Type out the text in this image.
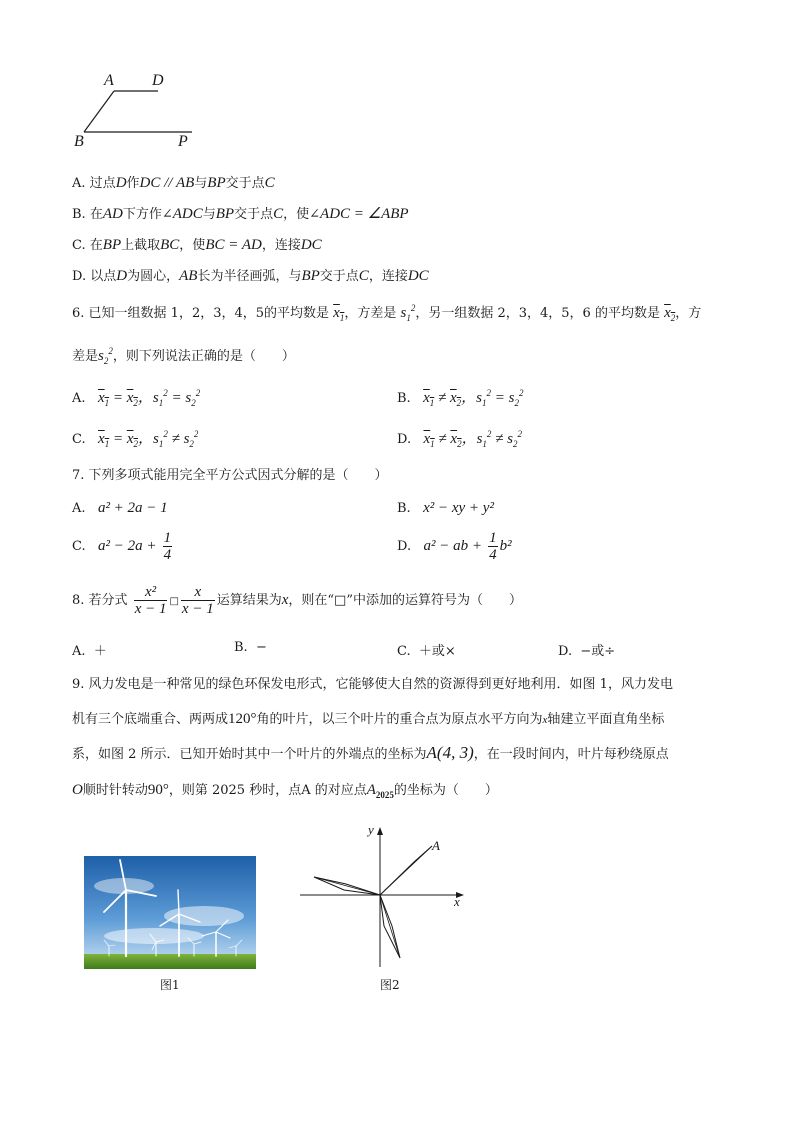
A D
B	P
A. 过点D作DC // AB与BP交于点C
B. 在AD下方作∠ADC与BP交于点C，使∠ADC = ∠ABP
C. 在BP上截取BC，使BC = AD，连接DC
D. 以点D为圆心，AB长为半径画弧，与BP交于点C，连接DC
6. 已知一组数据 1，2，3，4，5的平均数是 $x_1$，方差是 $s_1^2$，另一组数据 2，3，4，5，6 的平均数是 $x_2$，方
差是$s_2^2$，则下列说法正确的是（　　）
A. $x_1 = x_2$，$s_1^2 = s_2^2$	B. $x_1 \ne x_2$，$s_1^2 = s_2^2$
C. $x_1 = x_2$，$s_1^2 \ne s_2^2$	D. $x_1 \ne x_2$，$s_1^2 \ne s_2^2$
7. 下列多项式能用完全平方公式因式分解的是（　　）
A. a² + 2a − 1	B. x² − xy + y²
C. $a^2 - 2a + \frac{1}{4}$	D. a² − ab + $\frac{1}{4} b^2$
8. 若分式 $\frac{\text{x²}}{x - 1}$ □ $\frac{x}{x - 1}$ 运算结果为x，则在“□”中添加的运算符号为（　　）
A. ＋	B. −	C. ＋或×	D. −或÷
9. 风力发电是一种常见的绿色环保发电形式，它能够使大自然的资源得到更好地利用．如图 1，风力发电
机有三个底端重合、两两成120°角的叶片，以三个叶片的重合点为原点水平方向为x轴建立平面直角坐标
系，如图 2 所示．已知开始时其中一个叶片的外端点的坐标为A(4, 3)，在一段时间内，叶片每秒绕原点
O顺时针转动90°，则第 2025 秒时，点A 的对应点$A_{2025}$的坐标为（　　）
图1
y
x
A
图2
